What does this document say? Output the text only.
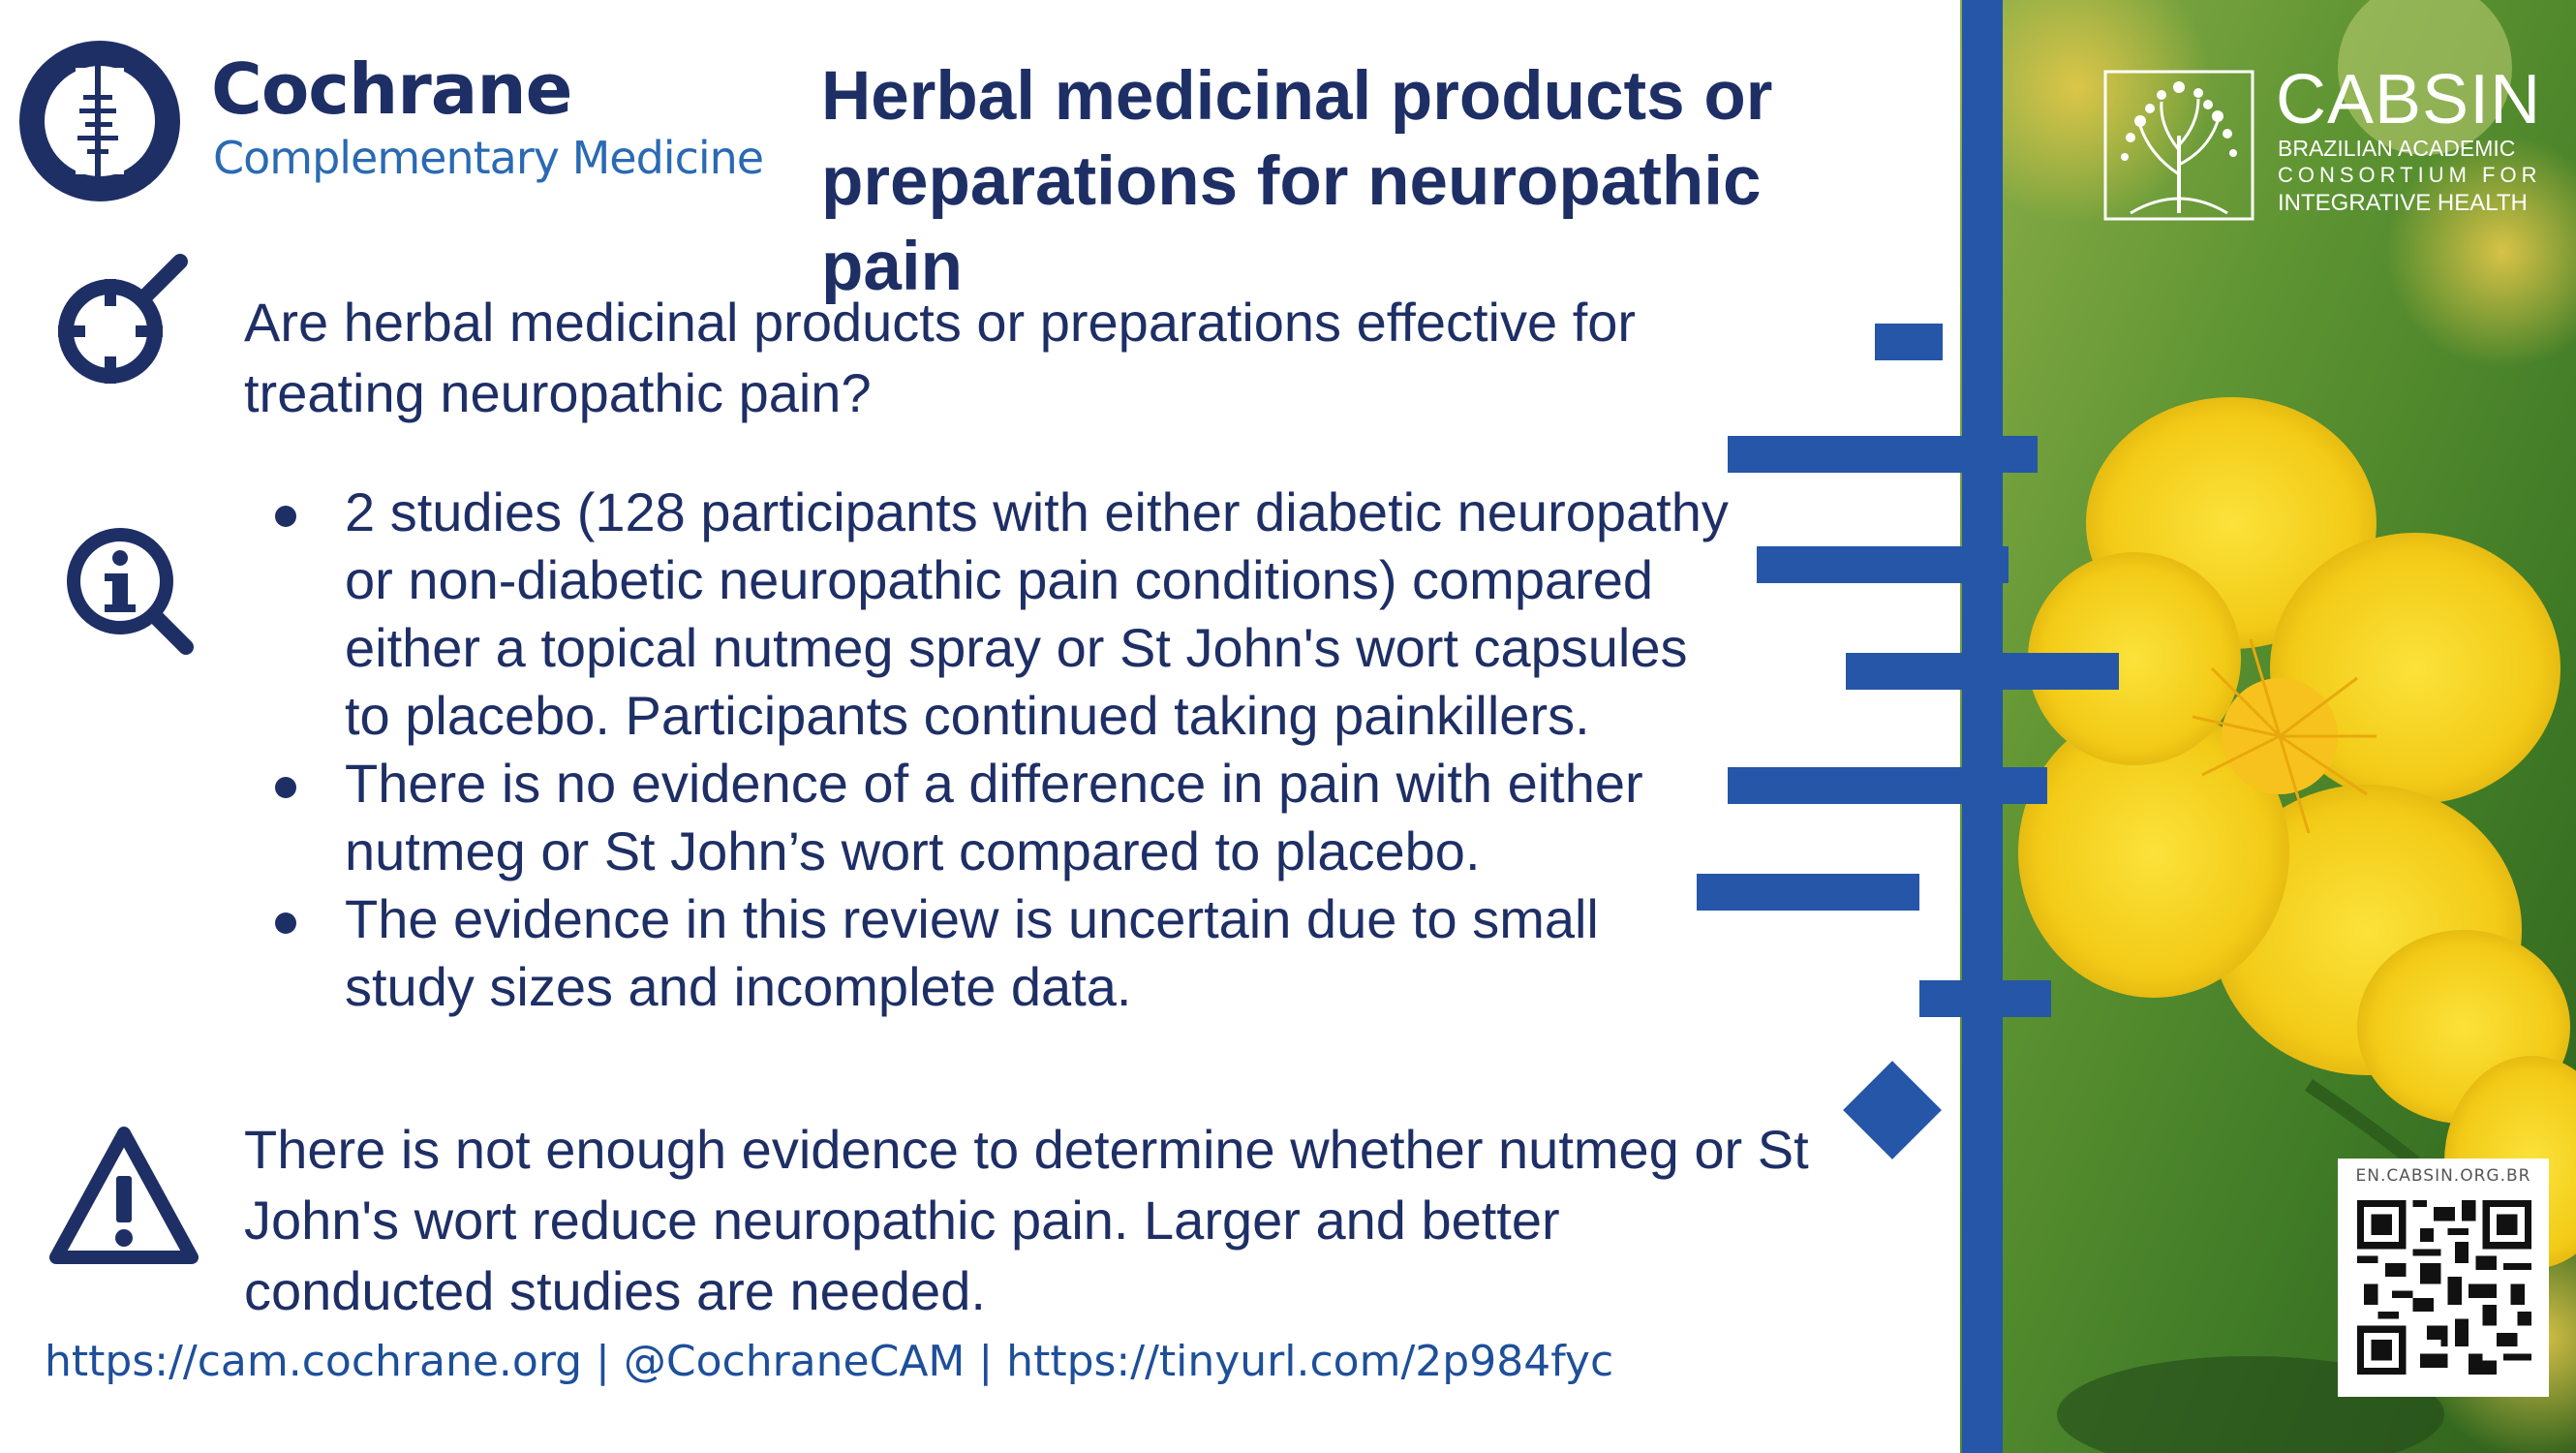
Cochrane
Complementary Medicine
Herbal medicinal products or preparations for neuropathic pain
Are herbal medicinal products or preparations effective for treating neuropathic pain?
2 studies (128 participants with either diabetic neuropathy or non-diabetic neuropathic pain conditions) compared either a topical nutmeg spray or St John's wort capsules to placebo. Participants continued taking painkillers.
There is no evidence of a difference in pain with either nutmeg or St John’s wort compared to placebo.
The evidence in this review is uncertain due to small study sizes and incomplete data.
There is not enough evidence to determine whether nutmeg or St John's wort reduce neuropathic pain. Larger and better conducted studies are needed.
https://cam.cochrane.org | @CochraneCAM | https://tinyurl.com/2p984fyc
CABSIN
BRAZILIAN ACADEMIC
CONSORTIUM FOR
INTEGRATIVE HEALTH
EN.CABSIN.ORG.BR
